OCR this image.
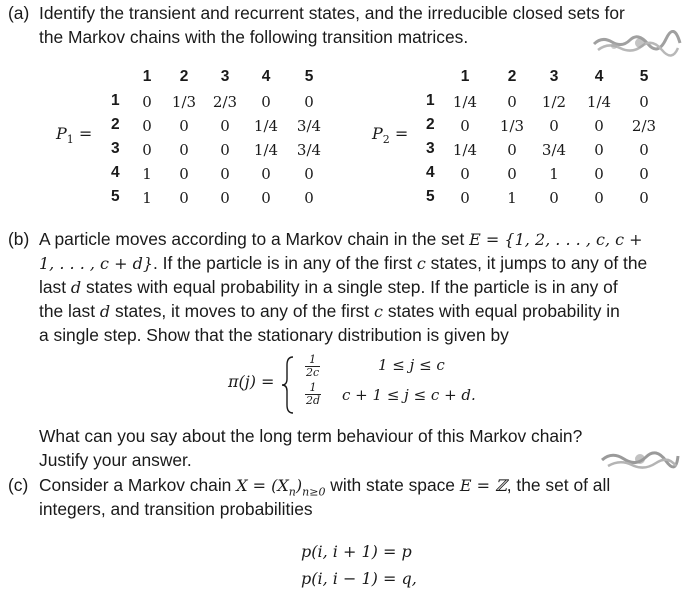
(a) Identify the transient and recurrent states, and the irreducible closed sets for
the Markov chains with the following transition matrices.
$P_1$ =
1	2	3	4	5
1	0	1/3	2/3	0	0
2	0	0	0	1/4	3/4
3	0	0	0	1/4	3/4
4	1	0	0	0	0
5	1	0	0	0	0
$P_2$ =
1	2	3	4	5
1	1/4	0	1/2	1/4	0
2	0	1/3	0	0	2/3
3	1/4	0	3/4	0	0
4	0	0	1	0	0
5	0	1	0	0	0
(b) A particle moves according to a Markov chain in the set E = {1, 2, . . . , c, c +
1, . . . , c + d}. If the particle is in any of the first c states, it jumps to any of the
last d states with equal probability in a single step. If the particle is in any of
the last d states, it moves to any of the first c states with equal probability in
a single step. Show that the stationary distribution is given by
π(j) =
$\frac{1}{2c}$	1 ≤ j ≤ c
$\frac{1}{2d}$ c + 1 ≤ j ≤ c + d.
What can you say about the long term behaviour of this Markov chain?
Justify your answer.
(c) Consider a Markov chain $X = (X_n)_{n\ge 0}$ with state space E = ℤ, the set of all
integers, and transition probabilities
p(i, i + 1) = p
p(i, i − 1) = q,
